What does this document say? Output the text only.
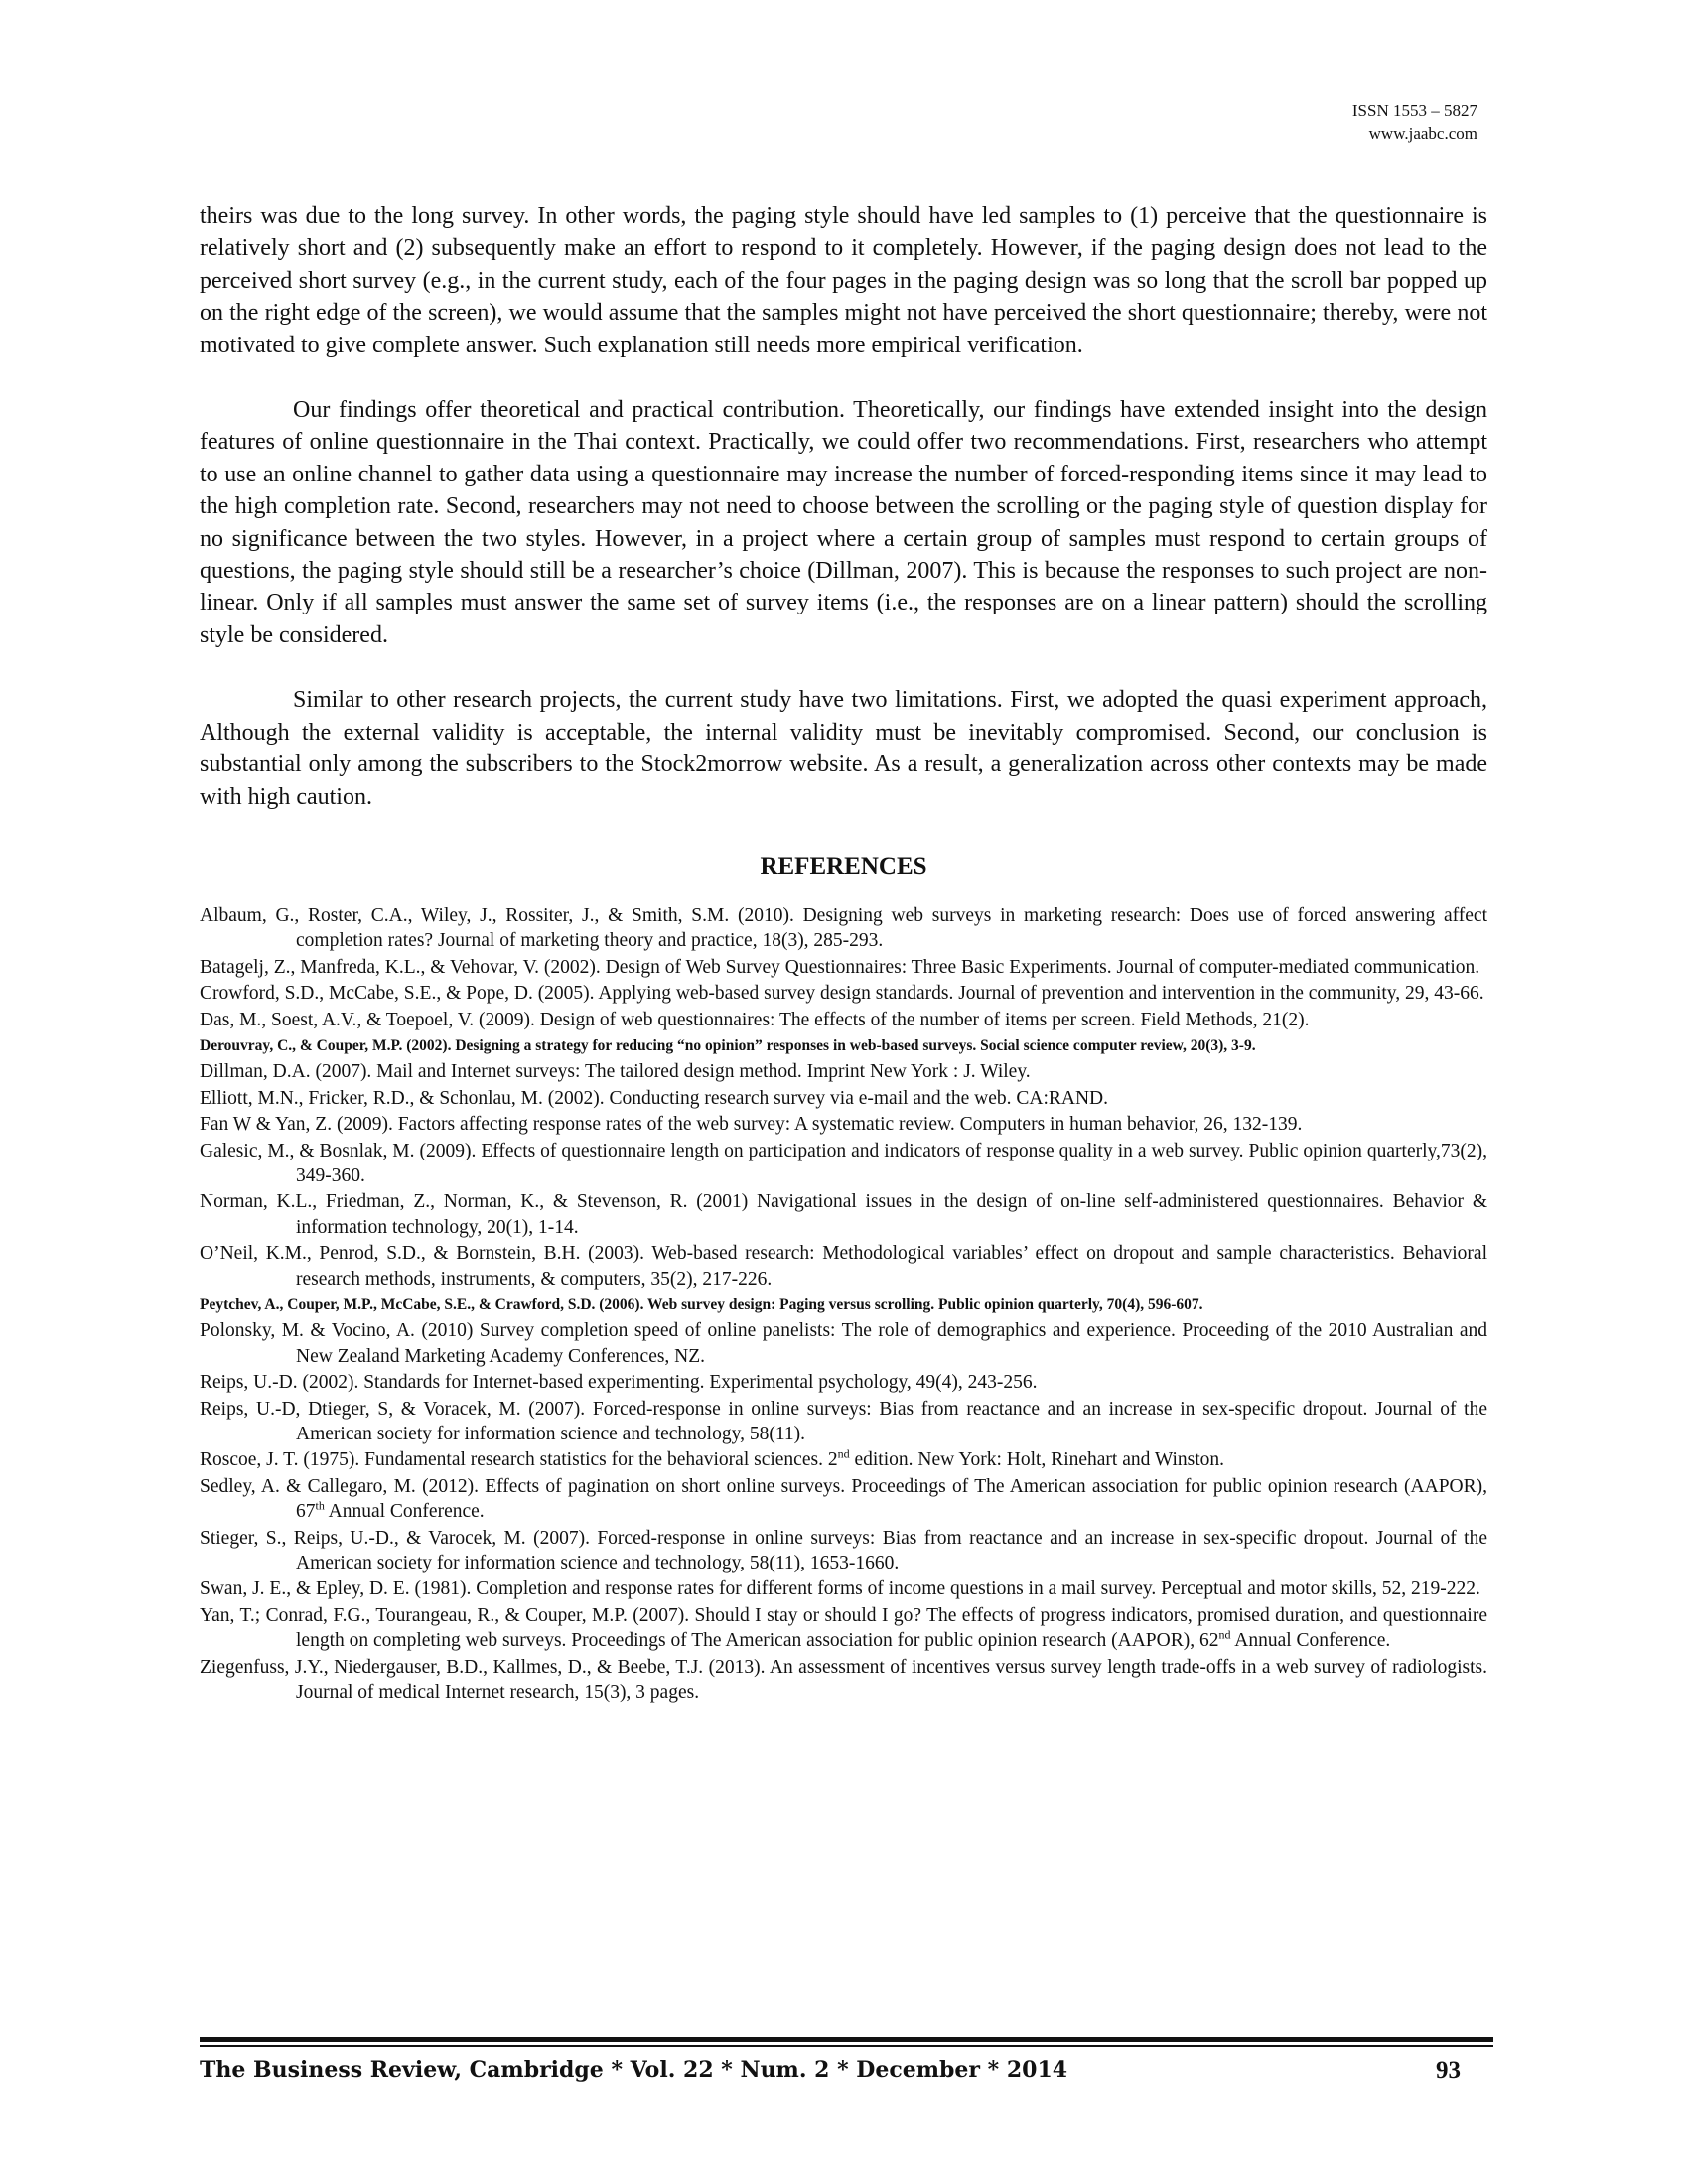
ISSN 1553 – 5827
www.jaabc.com

theirs was due to the long survey. In other words, the paging style should have led samples to (1) perceive that the questionnaire is relatively short and (2) subsequently make an effort to respond to it completely. However, if the paging design does not lead to the perceived short survey (e.g., in the current study, each of the four pages in the paging design was so long that the scroll bar popped up on the right edge of the screen), we would assume that the samples might not have perceived the short questionnaire; thereby, were not motivated to give complete answer. Such explanation still needs more empirical verification.

Our findings offer theoretical and practical contribution. Theoretically, our findings have extended insight into the design features of online questionnaire in the Thai context. Practically, we could offer two recommendations. First, researchers who attempt to use an online channel to gather data using a questionnaire may increase the number of forced-responding items since it may lead to the high completion rate. Second, researchers may not need to choose between the scrolling or the paging style of question display for no significance between the two styles. However, in a project where a certain group of samples must respond to certain groups of questions, the paging style should still be a researcher’s choice (Dillman, 2007). This is because the responses to such project are non-linear. Only if all samples must answer the same set of survey items (i.e., the responses are on a linear pattern) should the scrolling style be considered.

Similar to other research projects, the current study have two limitations. First, we adopted the quasi experiment approach, Although the external validity is acceptable, the internal validity must be inevitably compromised. Second, our conclusion is substantial only among the subscribers to the Stock2morrow website. As a result, a generalization across other contexts may be made with high caution.

REFERENCES
Albaum, G., Roster, C.A., Wiley, J., Rossiter, J., & Smith, S.M. (2010). Designing web surveys in marketing research: Does use of forced answering affect completion rates? Journal of marketing theory and practice, 18(3), 285-293.
Batagelj, Z., Manfreda, K.L., & Vehovar, V. (2002). Design of Web Survey Questionnaires: Three Basic Experiments. Journal of computer-mediated communication.
Crowford, S.D., McCabe, S.E., & Pope, D. (2005). Applying web-based survey design standards. Journal of prevention and intervention in the community, 29, 43-66.
Das, M., Soest, A.V., & Toepoel, V. (2009). Design of web questionnaires: The effects of the number of items per screen. Field Methods, 21(2).
Derouvray, C., & Couper, M.P. (2002). Designing a strategy for reducing “no opinion” responses in web-based surveys. Social science computer review, 20(3), 3-9.
Dillman, D.A. (2007). Mail and Internet surveys: The tailored design method. Imprint New York : J. Wiley.
Elliott, M.N., Fricker, R.D., & Schonlau, M. (2002). Conducting research survey via e-mail and the web. CA:RAND.
Fan W & Yan, Z. (2009). Factors affecting response rates of the web survey: A systematic review. Computers in human behavior, 26, 132-139.
Galesic, M., & Bosnlak, M. (2009). Effects of questionnaire length on participation and indicators of response quality in a web survey. Public opinion quarterly,73(2), 349-360.
Norman, K.L., Friedman, Z., Norman, K., & Stevenson, R. (2001) Navigational issues in the design of on-line self-administered questionnaires. Behavior & information technology, 20(1), 1-14.
O’Neil, K.M., Penrod, S.D., & Bornstein, B.H. (2003). Web-based research: Methodological variables’ effect on dropout and sample characteristics. Behavioral research methods, instruments, & computers, 35(2), 217-226.
Peytchev, A., Couper, M.P., McCabe, S.E., & Crawford, S.D. (2006). Web survey design: Paging versus scrolling. Public opinion quarterly, 70(4), 596-607.
Polonsky, M. & Vocino, A. (2010) Survey completion speed of online panelists: The role of demographics and experience. Proceeding of the 2010 Australian and New Zealand Marketing Academy Conferences, NZ.
Reips, U.-D. (2002). Standards for Internet-based experimenting. Experimental psychology, 49(4), 243-256.
Reips, U.-D, Dtieger, S, & Voracek, M. (2007). Forced-response in online surveys: Bias from reactance and an increase in sex-specific dropout. Journal of the American society for information science and technology, 58(11).
Roscoe, J. T. (1975). Fundamental research statistics for the behavioral sciences. 2nd edition. New York: Holt, Rinehart and Winston.
Sedley, A. & Callegaro, M. (2012). Effects of pagination on short online surveys. Proceedings of The American association for public opinion research (AAPOR), 67th Annual Conference.
Stieger, S., Reips, U.-D., & Varocek, M. (2007). Forced-response in online surveys: Bias from reactance and an increase in sex-specific dropout. Journal of the American society for information science and technology, 58(11), 1653-1660.
Swan, J. E., & Epley, D. E. (1981). Completion and response rates for different forms of income questions in a mail survey. Perceptual and motor skills, 52, 219-222.
Yan, T.; Conrad, F.G., Tourangeau, R., & Couper, M.P. (2007). Should I stay or should I go? The effects of progress indicators, promised duration, and questionnaire length on completing web surveys. Proceedings of The American association for public opinion research (AAPOR), 62nd Annual Conference.
Ziegenfuss, J.Y., Niedergauser, B.D., Kallmes, D., & Beebe, T.J. (2013). An assessment of incentives versus survey length trade-offs in a web survey of radiologists. Journal of medical Internet research, 15(3), 3 pages.
The Business Review, Cambridge * Vol. 22 * Num. 2 * December * 2014	93
